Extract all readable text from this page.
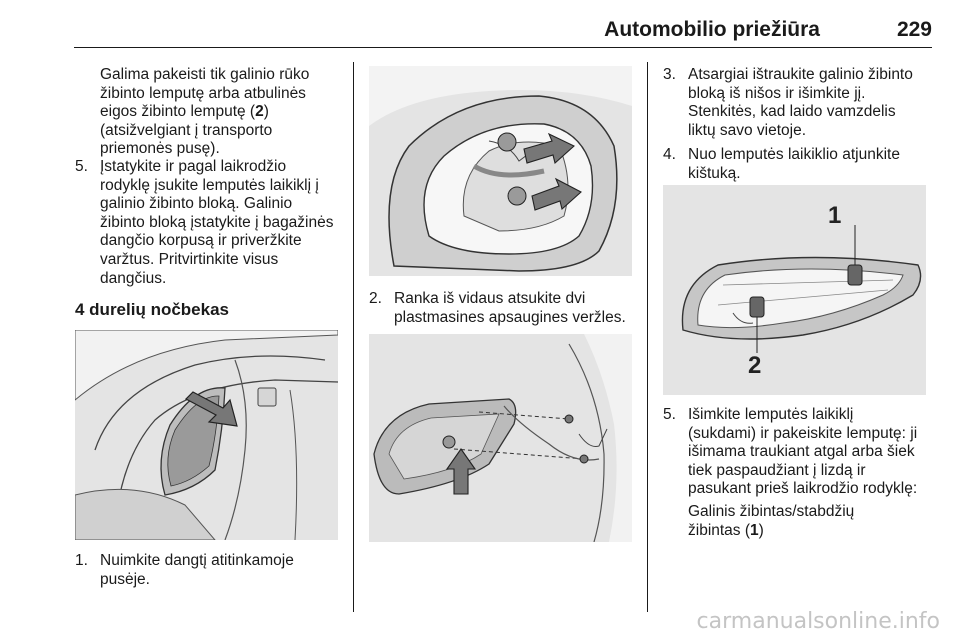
Automobilio priežiūra	229
Galima pakeisti tik galinio rūko
žibinto lemputę arba atbulinės
eigos žibinto lemputę (2)
(atsižvelgiant į transporto
priemonės pusę).
5. Įstatykite ir pagal laikrodžio
rodyklę įsukite lemputės laikiklį į
galinio žibinto bloką. Galinio
žibinto bloką įstatykite į bagažinės
dangčio korpusą ir priveržkite
varžtus. Pritvirtinkite visus
dangčius.
4 durelių nočbekas
1. Nuimkite dangtį atitinkamoje
pusėje.
2. Ranka iš vidaus atsukite dvi
plastmasines apsaugines veržles.
3. Atsargiai ištraukite galinio žibinto
bloką iš nišos ir išimkite jį.
Stenkitės, kad laido vamzdelis
liktų savo vietoje.
4. Nuo lemputės laikiklio atjunkite
kištuką.
1
2
5. Išimkite lemputės laikiklį
(sukdami) ir pakeiskite lemputę: ji
išimama traukiant atgal arba šiek
tiek paspaudžiant į lizdą ir
pasukant prieš laikrodžio rodyklę:
Galinis žibintas/stabdžių
žibintas (1)
carmanualsonline.info
